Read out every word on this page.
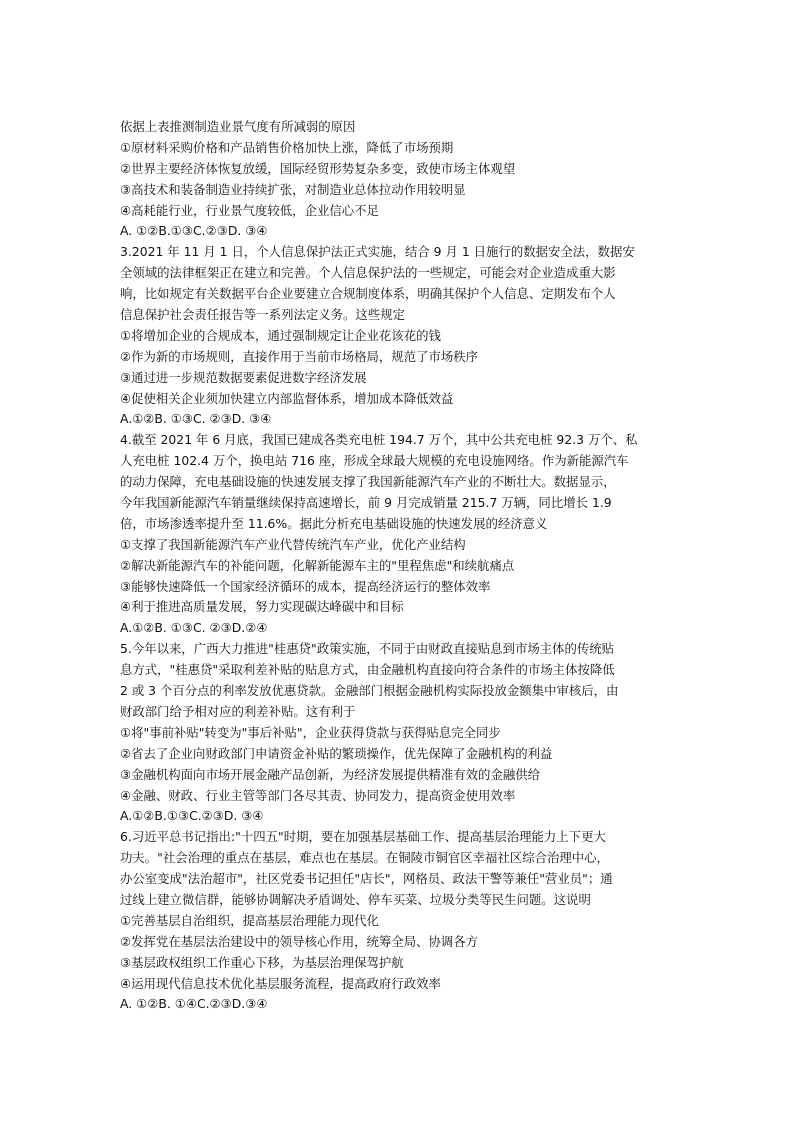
依据上表推测制造业景气度有所减弱的原因
①原材料采购价格和产品销售价格加快上涨，降低了市场预期
②世界主要经济体恢复放缓，国际经贸形势复杂多变，致使市场主体观望
③高技术和装备制造业持续扩张，对制造业总体拉动作用较明显
④高耗能行业，行业景气度较低，企业信心不足
A. ①②B.①③C.②③D. ③④
3.2021 年 11 月 1 日，个人信息保护法正式实施，结合 9 月 1 日施行的数据安全法，数据安
全领域的法律框架正在建立和完善。个人信息保护法的一些规定，可能会对企业造成重大影
响，比如规定有关数据平台企业要建立合规制度体系，明确其保护个人信息、定期发布个人
信息保护社会责任报告等一系列法定义务。这些规定
①将增加企业的合规成本，通过强制规定让企业花该花的钱
②作为新的市场规则，直接作用于当前市场格局，规范了市场秩序
③通过进一步规范数据要素促进数字经济发展
④促使相关企业须加快建立内部监督体系，增加成本降低效益
A.①②B. ①③C. ②③D. ③④
4.截至 2021 年 6 月底，我国已建成各类充电桩 194.7 万个，其中公共充电桩 92.3 万个、私
人充电桩 102.4 万个，换电站 716 座，形成全球最大规模的充电设施网络。作为新能源汽车
的动力保障，充电基础设施的快速发展支撑了我国新能源汽车产业的不断壮大。数据显示，
今年我国新能源汽车销量继续保持高速增长，前 9 月完成销量 215.7 万辆，同比增长 1.9
倍，市场渗透率提升至 11.6%。据此分析充电基础设施的快速发展的经济意义
①支撑了我国新能源汽车产业代替传统汽车产业，优化产业结构
②解决新能源汽车的补能问题，化解新能源车主的"里程焦虑"和续航痛点
③能够快速降低一个国家经济循环的成本，提高经济运行的整体效率
④利于推进高质量发展，努力实现碳达峰碳中和目标
A.①②B. ①③C. ②③D.②④
5.今年以来，广西大力推进"桂惠贷"政策实施，不同于由财政直接贴息到市场主体的传统贴
息方式，"桂惠贷"采取利差补贴的贴息方式，由金融机构直接向符合条件的市场主体按降低
2 或 3 个百分点的利率发放优惠贷款。金融部门根据金融机构实际投放金额集中审核后，由
财政部门给予相对应的利差补贴。这有利于
①将"事前补贴"转变为"事后补贴"，企业获得贷款与获得贴息完全同步
②省去了企业向财政部门申请资金补贴的繁琐操作，优先保障了金融机构的利益
③金融机构面向市场开展金融产品创新，为经济发展提供精准有效的金融供给
④金融、财政、行业主管等部门各尽其责、协同发力，提高资金使用效率
A.①②B.①③C.②③D. ③④
6.习近平总书记指出:"十四五"时期，要在加强基层基础工作、提高基层治理能力上下更大
功夫。"社会治理的重点在基层，难点也在基层。在铜陵市铜官区幸福社区综合治理中心，
办公室变成"法治超市"，社区党委书记担任"店长"，网格员、政法干警等兼任"营业员"；通
过线上建立微信群，能够协调解决矛盾调处、停车买菜、垃圾分类等民生问题。这说明
①完善基层自治组织，提高基层治理能力现代化
②发挥党在基层法治建设中的领导核心作用，统筹全局、协调各方
③基层政权组织工作重心下移，为基层治理保驾护航
④运用现代信息技术优化基层服务流程，提高政府行政效率
A. ①②B. ①④C.②③D.③④
